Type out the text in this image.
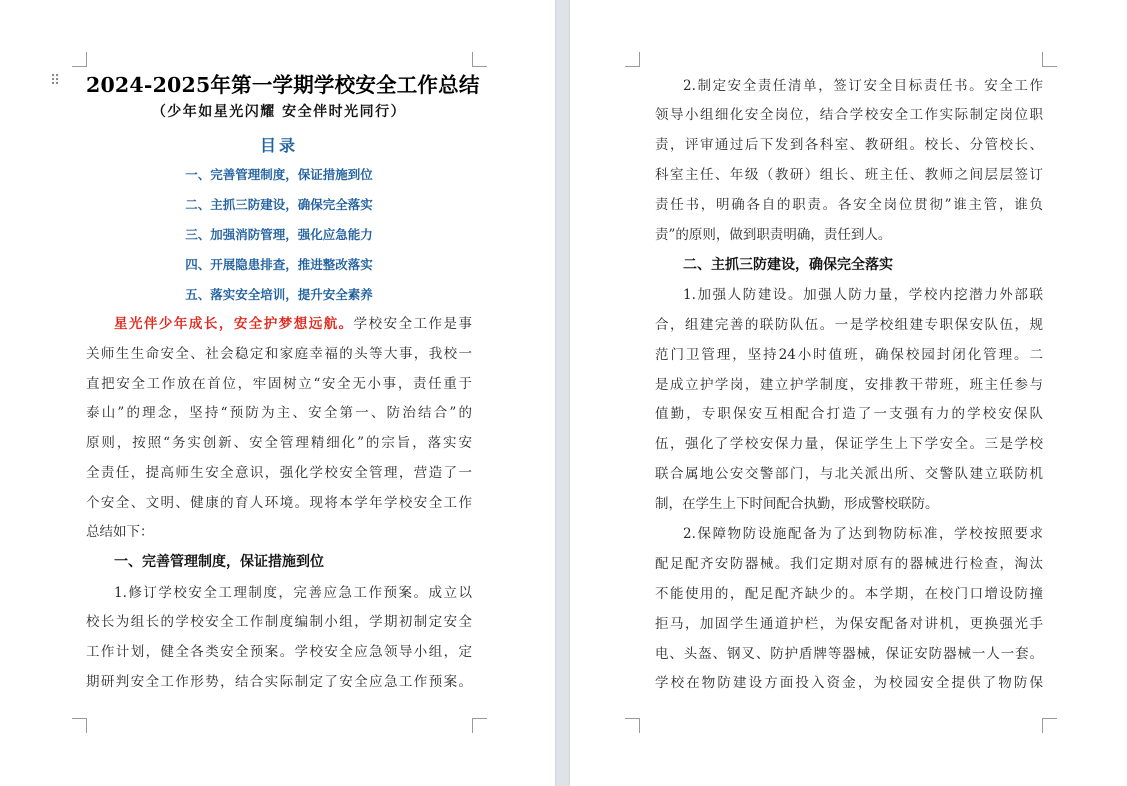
⠿ 2024-2025年第一学期学校安全工作总结
（少年如星光闪耀 安全伴时光同行）
目录
一、完善管理制度，保证措施到位
二、主抓三防建设，确保完全落实
三、加强消防管理，强化应急能力
四、开展隐患排查，推进整改落实
五、落实安全培训，提升安全素养
星光伴少年成长，安全护梦想远航。学校安全工作是事
关师生生命安全、社会稳定和家庭幸福的头等大事，我校一
直把安全工作放在首位，牢固树立“安全无小事，责任重于
泰山”的理念，坚持“预防为主、安全第一、防治结合”的
原则，按照“务实创新、安全管理精细化”的宗旨，落实安
全责任，提高师生安全意识，强化学校安全管理，营造了一
个安全、文明、健康的育人环境。现将本学年学校安全工作
总结如下：
一、完善管理制度，保证措施到位
1.修订学校安全工理制度，完善应急工作预案。成立以
校长为组长的学校安全工作制度编制小组，学期初制定安全
工作计划，健全各类安全预案。学校安全应急领导小组，定
期研判安全工作形势，结合实际制定了安全应急工作预案。
2.制定安全责任清单，签订安全目标责任书。安全工作
领导小组细化安全岗位，结合学校安全工作实际制定岗位职
责，评审通过后下发到各科室、教研组。校长、分管校长、
科室主任、年级（教研）组长、班主任、教师之间层层签订
责任书，明确各自的职责。各安全岗位贯彻”谁主管，谁负
责”的原则，做到职责明确，责任到人。
二、主抓三防建设，确保完全落实
1.加强人防建设。加强人防力量，学校内挖潜力外部联
合，组建完善的联防队伍。一是学校组建专职保安队伍，规
范门卫管理，坚持24小时值班，确保校园封闭化管理。二
是成立护学岗，建立护学制度，安排教干带班，班主任参与
值勤，专职保安互相配合打造了一支强有力的学校安保队
伍，强化了学校安保力量，保证学生上下学安全。三是学校
联合属地公安交警部门，与北关派出所、交警队建立联防机
制，在学生上下时间配合执勤，形成警校联防。
2.保障物防设施配备为了达到物防标准，学校按照要求
配足配齐安防器械。我们定期对原有的器械进行检查，淘汰
不能使用的，配足配齐缺少的。本学期，在校门口增设防撞
拒马，加固学生通道护栏，为保安配备对讲机，更换强光手
电、头盔、钢叉、防护盾牌等器械，保证安防器械一人一套。
学校在物防建设方面投入资金，为校园安全提供了物防保
